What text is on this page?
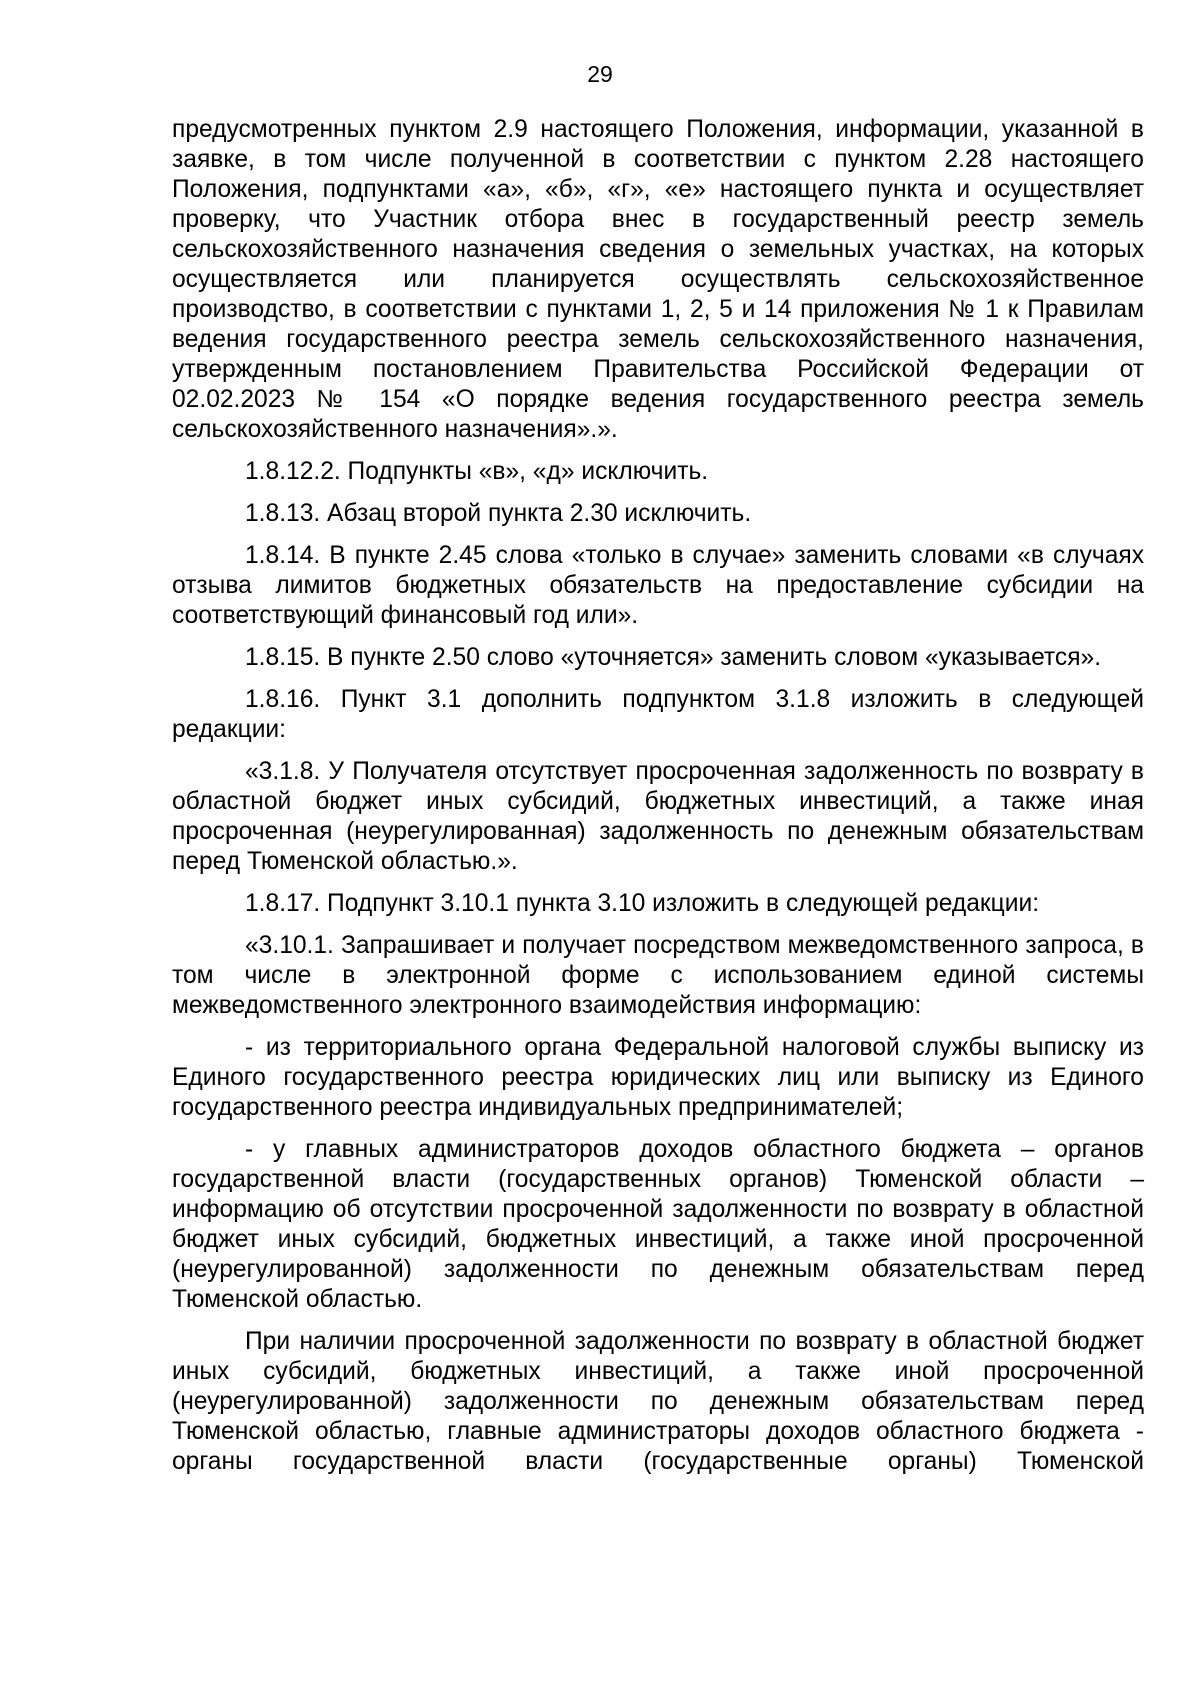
29

предусмотренных пунктом 2.9 настоящего Положения, информации, указанной в заявке, в том числе полученной в соответствии с пунктом 2.28 настоящего Положения, подпунктами «а», «б», «г», «е» настоящего пункта и осуществляет проверку, что Участник отбора внес в государственный реестр земель сельскохозяйственного назначения сведения о земельных участках, на которых осуществляется или планируется осуществлять сельскохозяйственное производство, в соответствии с пунктами 1, 2, 5 и 14 приложения № 1 к Правилам ведения государственного реестра земель сельскохозяйственного назначения, утвержденным постановлением Правительства Российской Федерации от 02.02.2023 № 154 «О порядке ведения государственного реестра земель сельскохозяйственного назначения».».

1.8.12.2. Подпункты «в», «д» исключить.

1.8.13. Абзац второй пункта 2.30 исключить.

1.8.14. В пункте 2.45 слова «только в случае» заменить словами «в случаях отзыва лимитов бюджетных обязательств на предоставление субсидии на соответствующий финансовый год или».

1.8.15. В пункте 2.50 слово «уточняется» заменить словом «указывается».

1.8.16. Пункт 3.1 дополнить подпунктом 3.1.8 изложить в следующей редакции:

«3.1.8. У Получателя отсутствует просроченная задолженность по возврату в областной бюджет иных субсидий, бюджетных инвестиций, а также иная просроченная (неурегулированная) задолженность по денежным обязательствам перед Тюменской областью.».

1.8.17. Подпункт 3.10.1 пункта 3.10 изложить в следующей редакции:

«3.10.1. Запрашивает и получает посредством межведомственного запроса, в том числе в электронной форме с использованием единой системы межведомственного электронного взаимодействия информацию:

- из территориального органа Федеральной налоговой службы выписку из Единого государственного реестра юридических лиц или выписку из Единого государственного реестра индивидуальных предпринимателей;

- у главных администраторов доходов областного бюджета – органов государственной власти (государственных органов) Тюменской области – информацию об отсутствии просроченной задолженности по возврату в областной бюджет иных субсидий, бюджетных инвестиций, а также иной просроченной (неурегулированной) задолженности по денежным обязательствам перед Тюменской областью.

При наличии просроченной задолженности по возврату в областной бюджет иных субсидий, бюджетных инвестиций, а также иной просроченной (неурегулированной) задолженности по денежным обязательствам перед Тюменской областью, главные администраторы доходов областного бюджета - органы государственной власти (государственные органы) Тюменской
